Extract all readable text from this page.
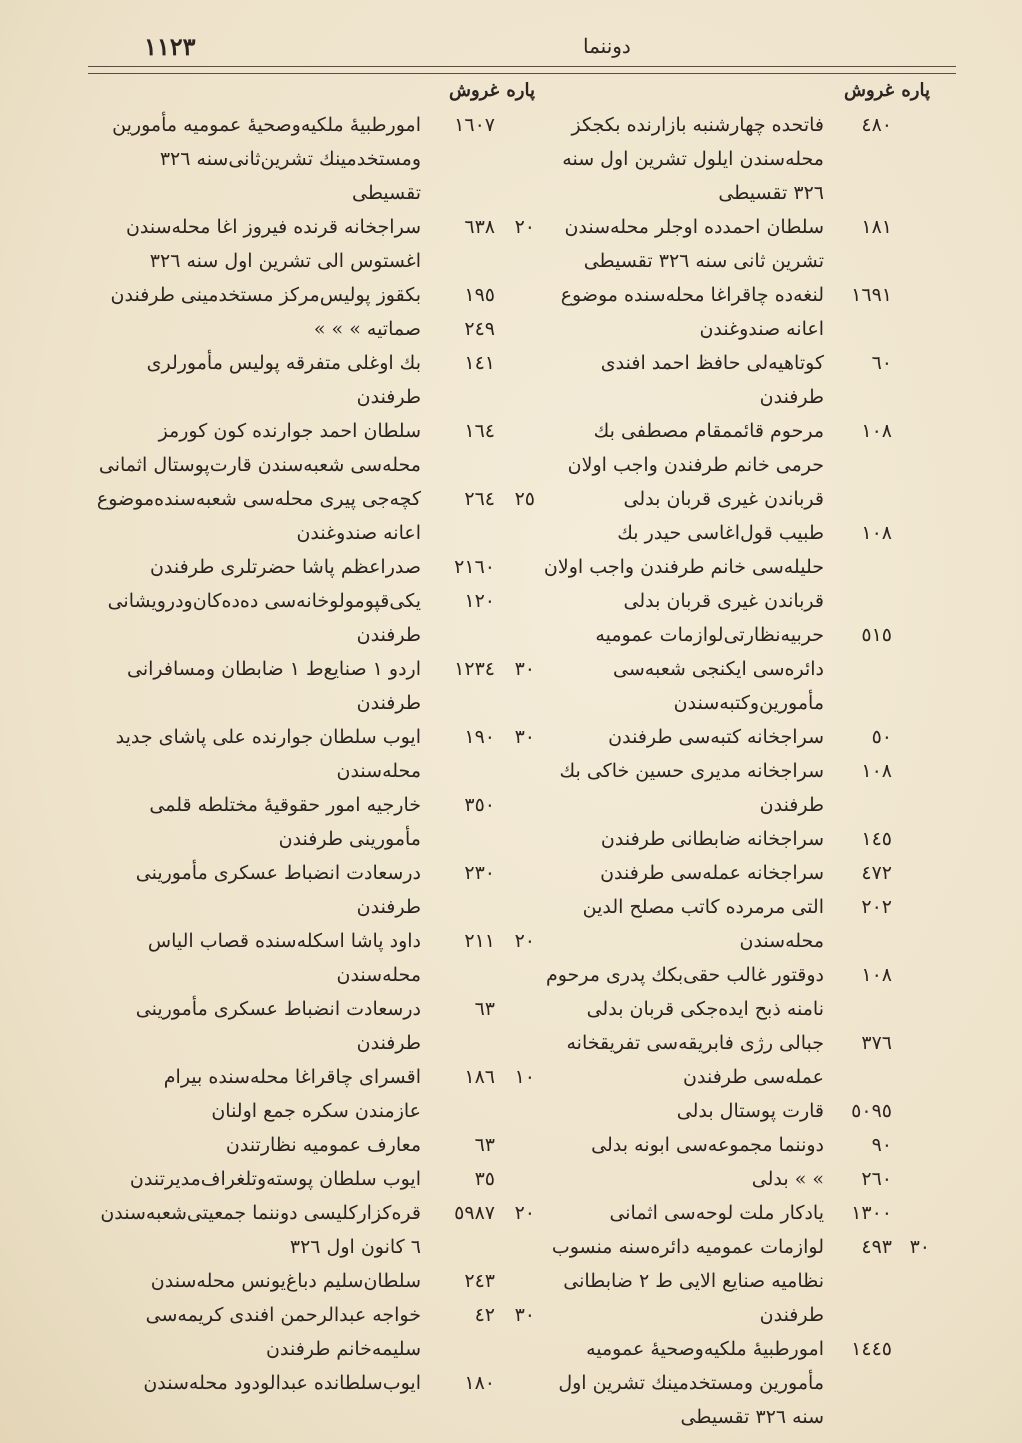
١١٢٣	دوننما
پاره
غروش
٤٨٠
فاتحده چهارشنبه بازارنده بکجکز محله‌سندن ایلول تشرین اول سنه ٣٢٦ تقسیطی
١٨١
سلطان احمدده اوجلر محله‌سندن تشرین ثانی سنه ٣٢٦ تقسیطی
١٦٩١
لنغه‌ده چاقراغا محله‌سنده موضوع اعانه صندوغندن
٦٠
کوتاهیه‌لی حافظ احمد افندی طرفندن
١٠٨
مرحوم قائممقام مصطفی بك حرمی خانم طرفندن واجب اولان قرباندن غیری قربان بدلی
١٠٨
طبیب قول‌اغاسی حیدر بك حلیله‌سی خانم طرفندن واجب اولان قرباندن غیری قربان بدلی
٥١٥
حربیه‌نظارتی‌لوازمات عمومیه دائره‌سی ایکنجی شعبه‌سی مأمورین‌وکتبه‌سندن
٥٠
سراجخانه کتبه‌سی طرفندن
١٠٨
سراجخانه مدیری حسین خاکی بك طرفندن
١٤٥
سراجخانه ضابطانی طرفندن
٤٧٢
سراجخانه عمله‌سی طرفندن
٢٠٢
التی مرمرده کاتب مصلح الدین محله‌سندن
١٠٨
دوقتور غالب حقی‌بکك پدری مرحوم نامنه ذبح ایده‌جکی قربان بدلی
٣٧٦
جبالی رژی فابریقه‌سی تفریقخانه عمله‌سی طرفندن
٥٠٩٥
قارت پوستال بدلی
٩٠
دوننما مجموعه‌سی ابونه بدلی
٢٦٠
» » بدلی
١٣٠٠
یادکار ملت لوحه‌سی اثمانی
٣٠
٤٩٣
لوازمات عمومیه دائره‌سنه منسوب نظامیه صنایع الایی ط ٢ ضابطانی طرفندن
١٤٤٥
امورطبیهٔ ملکیه‌وصحیهٔ عمومیه مأمورین ومستخدمینك تشرین اول سنه ٣٢٦ تقسیطی
پاره
غروش
١٦٠٧
امورطبیهٔ ملکیه‌وصحیهٔ عمومیه مأمورین ومستخدمینك تشرین‌ثانی‌سنه ٣٢٦ تقسیطی
٢٠
٦٣٨
سراجخانه قرنده فیروز اغا محله‌سندن اغستوس الی تشرین اول سنه ٣٢٦
١٩٥
بکقوز پولیس‌مرکز مستخدمینی طرفندن
٢٤٩
صماتیه » » »
١٤١
بك اوغلی متفرقه پولیس مأمورلری طرفندن
١٦٤
سلطان احمد جوارنده کون کورمز محله‌سی شعبه‌سندن قارت‌پوستال اثمانی
٢٥
٢٦٤
کچه‌جی پیری محله‌سی شعبه‌سنده‌موضوع اعانه صندوغندن
٢١٦٠
صدراعظم پاشا حضرتلری طرفندن
١٢٠
یکی‌قپومولوخانه‌سی ده‌ده‌کان‌ودرویشانی طرفندن
٣٠
١٢٣٤
اردو ١ صنایع‌ط ١ ضابطان ومسافرانی طرفندن
٣٠
١٩٠
ایوب سلطان جوارنده علی پاشای جدید محله‌سندن
٣٥٠
خارجیه امور حقوقیهٔ مختلطه قلمی مأمورینی طرفندن
٢٣٠
درسعادت انضباط عسکری مأمورینی طرفندن
٢٠
٢١١
داود پاشا اسکله‌سنده قصاب الیاس محله‌سندن
٦٣
درسعادت انضباط عسکری مأمورینی طرفندن
١٠
١٨٦
اقسرای چاقراغا محله‌سنده بیرام عازمندن سکره جمع اولنان
٦٣
معارف عمومیه نظارتندن
٣٥
ایوب سلطان پوسته‌وتلغراف‌مدیرتندن
٢٠
٥٩٨٧
قره‌کزارکلیسی دوننما جمعیتی‌شعبه‌سندن ٦ کانون اول ٣٢٦
٢٤٣
سلطان‌سلیم دباغ‌یونس محله‌سندن
٣٠
٤٢
خواجه عبدالرحمن افندی کریمه‌سی سلیمه‌خانم طرفندن
١٨٠
ایوب‌سلطانده عبدالودود محله‌سندن
